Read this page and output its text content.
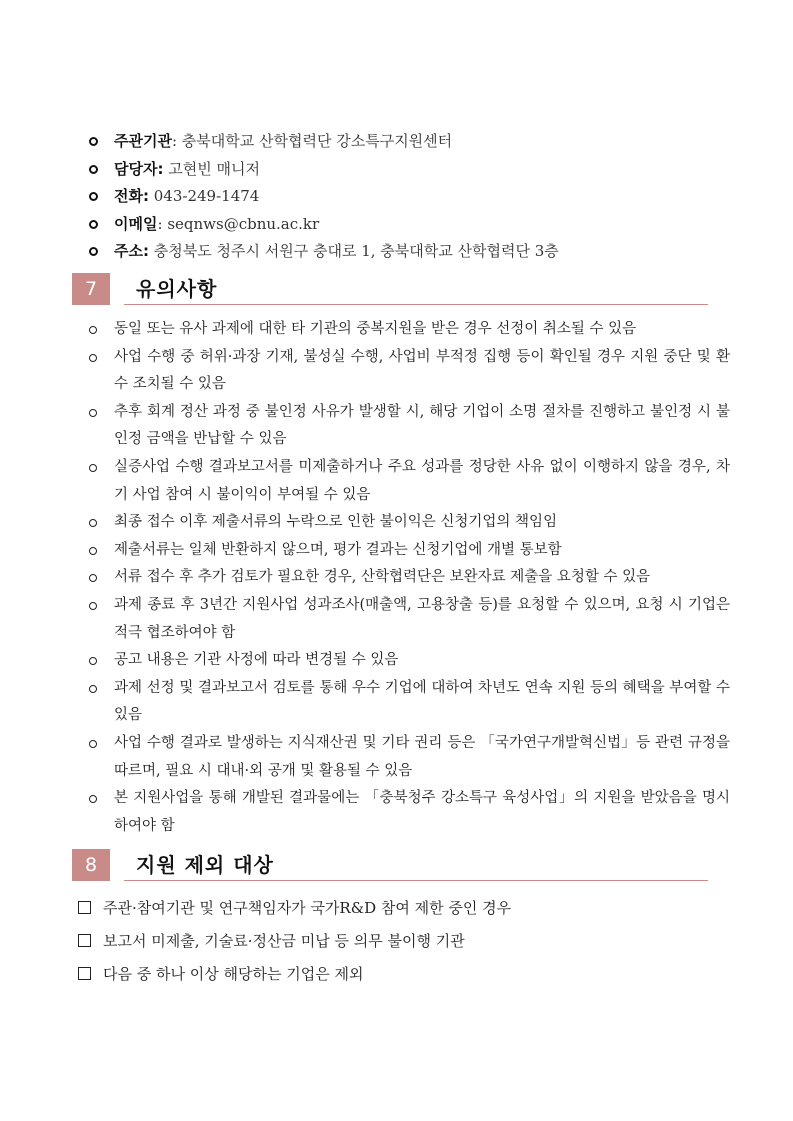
주관기관: 충북대학교 산학협력단 강소특구지원센터
담당자: 고현빈 매니저
전화: 043-249-1474
이메일: seqnws@cbnu.ac.kr
주소: 충청북도 청주시 서원구 충대로 1, 충북대학교 산학협력단 3층
7	유의사항
동일 또는 유사 과제에 대한 타 기관의 중복지원을 받은 경우 선정이 취소될 수 있음
사업 수행 중 허위·과장 기재, 불성실 수행, 사업비 부적정 집행 등이 확인될 경우 지원 중단 및 환수 조치될 수 있음
추후 회계 정산 과정 중 불인정 사유가 발생할 시, 해당 기업이 소명 절차를 진행하고 불인정 시 불인정 금액을 반납할 수 있음
실증사업 수행 결과보고서를 미제출하거나 주요 성과를 정당한 사유 없이 이행하지 않을 경우, 차기 사업 참여 시 불이익이 부여될 수 있음
최종 접수 이후 제출서류의 누락으로 인한 불이익은 신청기업의 책임임
제출서류는 일체 반환하지 않으며, 평가 결과는 신청기업에 개별 통보함
서류 접수 후 추가 검토가 필요한 경우, 산학협력단은 보완자료 제출을 요청할 수 있음
과제 종료 후 3년간 지원사업 성과조사(매출액, 고용창출 등)를 요청할 수 있으며, 요청 시 기업은 적극 협조하여야 함
공고 내용은 기관 사정에 따라 변경될 수 있음
과제 선정 및 결과보고서 검토를 통해 우수 기업에 대하여 차년도 연속 지원 등의 혜택을 부여할 수 있음
사업 수행 결과로 발생하는 지식재산권 및 기타 권리 등은 「국가연구개발혁신법」등 관련 규정을 따르며, 필요 시 대내·외 공개 및 활용될 수 있음
본 지원사업을 통해 개발된 결과물에는 「충북청주 강소특구 육성사업」의 지원을 받았음을 명시하여야 함
8	지원 제외 대상
주관·참여기관 및 연구책임자가 국가R&D 참여 제한 중인 경우
보고서 미제출, 기술료·정산금 미납 등 의무 불이행 기관
다음 중 하나 이상 해당하는 기업은 제외
